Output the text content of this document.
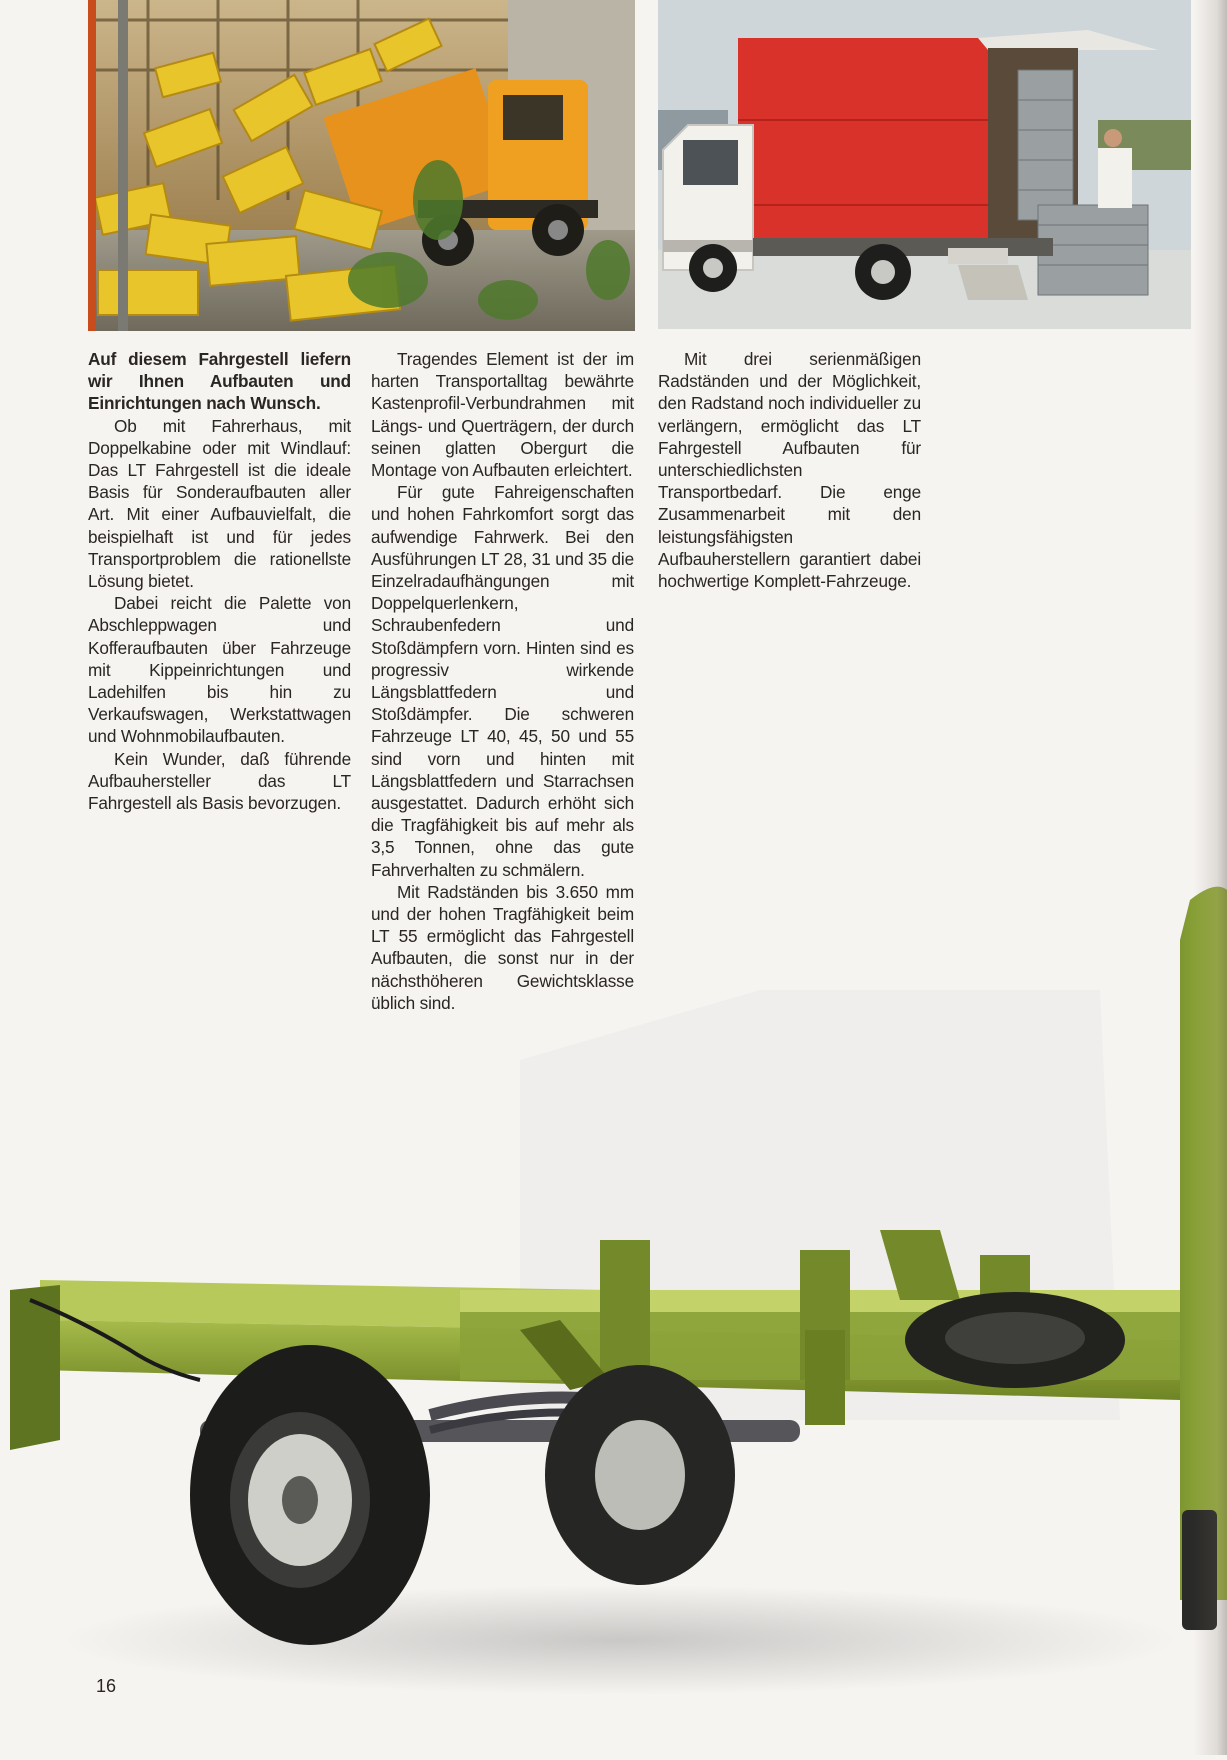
Auf diesem Fahrgestell liefern wir Ihnen Aufbauten und Einrichtungen nach Wunsch.

Ob mit Fahrerhaus, mit Doppelkabine oder mit Windlauf: Das LT Fahrgestell ist die ideale Basis für Sonderaufbauten aller Art. Mit einer Aufbauvielfalt, die beispielhaft ist und für jedes Transportproblem die rationellste Lösung bietet.

Dabei reicht die Palette von Abschleppwagen und Kofferaufbauten über Fahrzeuge mit Kippeinrichtungen und Ladehilfen bis hin zu Verkaufswagen, Werkstattwagen und Wohnmobilaufbauten.

Kein Wunder, daß führende Aufbauhersteller das LT Fahrgestell als Basis bevorzugen.

Tragendes Element ist der im harten Transportalltag bewährte Kastenprofil-Verbundrahmen mit Längs- und Querträgern, der durch seinen glatten Obergurt die Montage von Aufbauten erleichtert.

Für gute Fahreigenschaften und hohen Fahrkomfort sorgt das aufwendige Fahrwerk. Bei den Ausführungen LT 28, 31 und 35 die Einzelradaufhängungen mit Doppelquerlenkern, Schraubenfedern und Stoßdämpfern vorn. Hinten sind es progressiv wirkende Längsblattfedern und Stoßdämpfer. Die schweren Fahrzeuge LT 40, 45, 50 und 55 sind vorn und hinten mit Längsblattfedern und Starrachsen ausgestattet. Dadurch erhöht sich die Tragfähigkeit bis auf mehr als 3,5 Tonnen, ohne das gute Fahrverhalten zu schmälern.

Mit Radständen bis 3.650 mm und der hohen Tragfähigkeit beim LT 55 ermöglicht das Fahrgestell Aufbauten, die sonst nur in der nächsthöheren Gewichtsklasse üblich sind.

Mit drei serienmäßigen Radständen und der Möglichkeit, den Radstand noch individueller zu verlängern, ermöglicht das LT Fahrgestell Aufbauten für unterschiedlichsten Transportbedarf. Die enge Zusammenarbeit mit den leistungsfähigsten Aufbauherstellern garantiert dabei hochwertige Komplett-Fahrzeuge.

16
